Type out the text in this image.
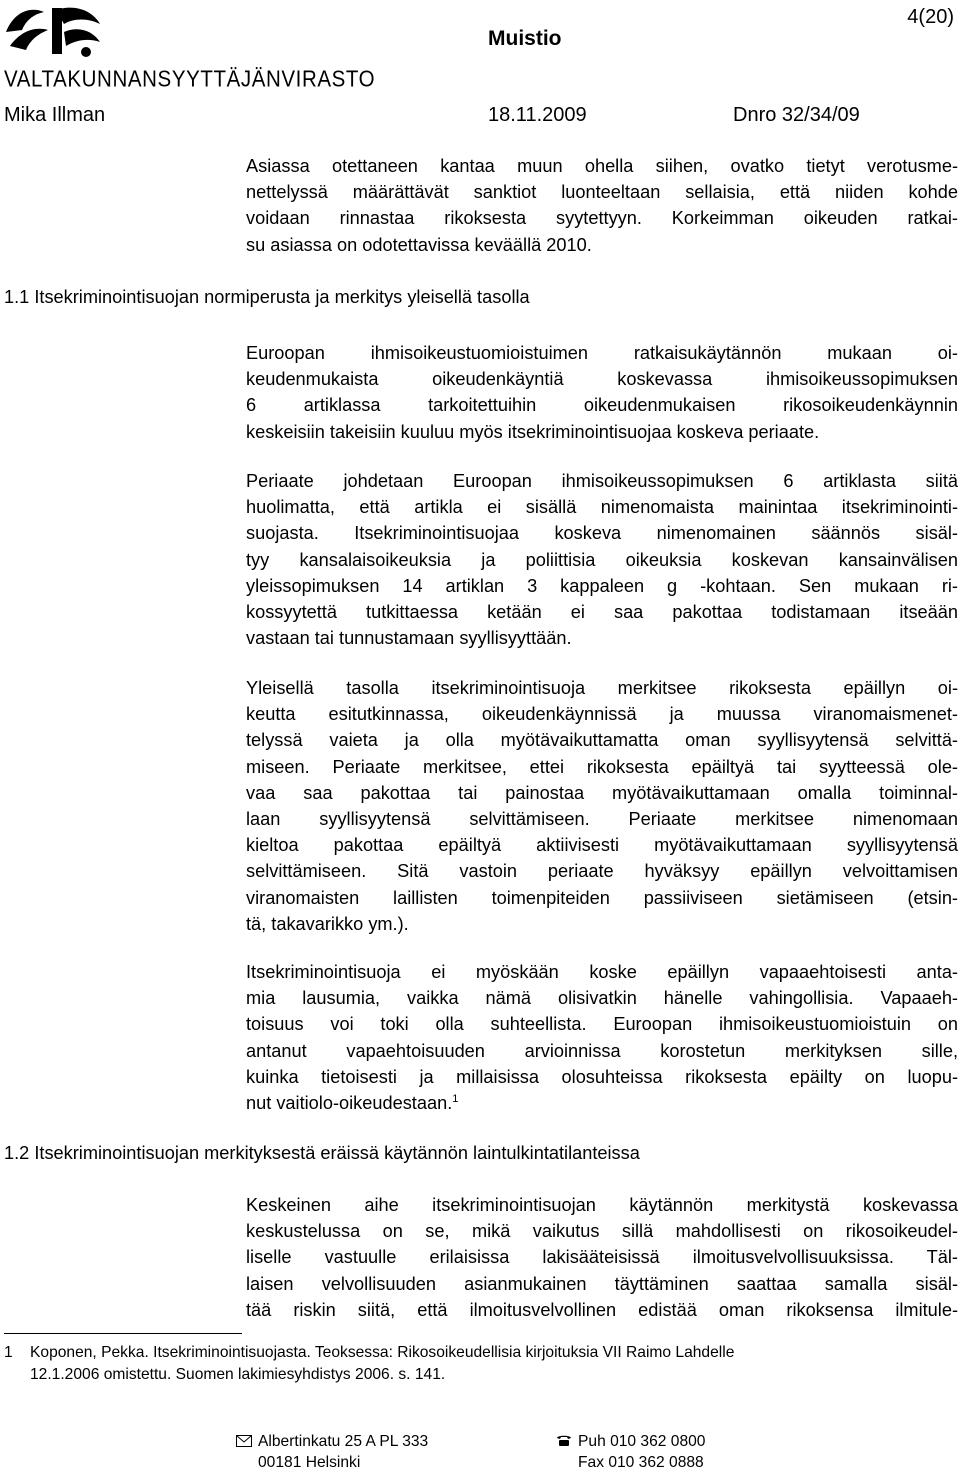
VALTAKUNNANSYYTTÄJÄNVIRASTO
Muistio
4(20)
Mika Illman	18.11.2009	Dnro 32/34/09
Asiassa otettaneen kantaa muun ohella siihen, ovatko tietyt verotusme-
nettelyssä määrättävät sanktiot luonteeltaan sellaisia, että niiden kohde
voidaan rinnastaa rikoksesta syytettyyn. Korkeimman oikeuden ratkai-
su asiassa on odotettavissa keväällä 2010.
1.1 Itsekriminointisuojan normiperusta ja merkitys yleisellä tasolla
Euroopan ihmisoikeustuomioistuimen ratkaisukäytännön mukaan oi-
keudenmukaista oikeudenkäyntiä koskevassa ihmisoikeussopimuksen
6 artiklassa tarkoitettuihin oikeudenmukaisen rikosoikeudenkäynnin
keskeisiin takeisiin kuuluu myös itsekriminointisuojaa koskeva periaate.
Periaate johdetaan Euroopan ihmisoikeussopimuksen 6 artiklasta siitä
huolimatta, että artikla ei sisällä nimenomaista mainintaa itsekriminointi-
suojasta. Itsekriminointisuojaa koskeva nimenomainen säännös sisäl-
tyy kansalaisoikeuksia ja poliittisia oikeuksia koskevan kansainvälisen
yleissopimuksen 14 artiklan 3 kappaleen g -kohtaan. Sen mukaan ri-
kossyytettä tutkittaessa ketään ei saa pakottaa todistamaan itseään
vastaan tai tunnustamaan syyllisyyttään.
Yleisellä tasolla itsekriminointisuoja merkitsee rikoksesta epäillyn oi-
keutta esitutkinnassa, oikeudenkäynnissä ja muussa viranomaismenet-
telyssä vaieta ja olla myötävaikuttamatta oman syyllisyytensä selvittä-
miseen. Periaate merkitsee, ettei rikoksesta epäiltyä tai syytteessä ole-
vaa saa pakottaa tai painostaa myötävaikuttamaan omalla toiminnal-
laan syyllisyytensä selvittämiseen. Periaate merkitsee nimenomaan
kieltoa pakottaa epäiltyä aktiivisesti myötävaikuttamaan syyllisyytensä
selvittämiseen. Sitä vastoin periaate hyväksyy epäillyn velvoittamisen
viranomaisten laillisten toimenpiteiden passiiviseen sietämiseen (etsin-
tä, takavarikko ym.).
Itsekriminointisuoja ei myöskään koske epäillyn vapaaehtoisesti anta-
mia lausumia, vaikka nämä olisivatkin hänelle vahingollisia. Vapaaeh-
toisuus voi toki olla suhteellista. Euroopan ihmisoikeustuomioistuin on
antanut vapaehtoisuuden arvioinnissa korostetun merkityksen sille,
kuinka tietoisesti ja millaisissa olosuhteissa rikoksesta epäilty on luopu-
nut vaitiolo-oikeudestaan.$^1$
1.2 Itsekriminointisuojan merkityksestä eräissä käytännön laintulkintatilanteissa
Keskeinen aihe itsekriminointisuojan käytännön merkitystä koskevassa
keskustelussa on se, mikä vaikutus sillä mahdollisesti on rikosoikeudel-
liselle vastuulle erilaisissa lakisääteisissä ilmoitusvelvollisuuksissa. Täl-
laisen velvollisuuden asianmukainen täyttäminen saattaa samalla sisäl-
tää riskin siitä, että ilmoitusvelvollinen edistää oman rikoksensa ilmitule-
1 Koponen, Pekka. Itsekriminointisuojasta. Teoksessa: Rikosoikeudellisia kirjoituksia VII Raimo Lahdelle
12.1.2006 omistettu. Suomen lakimiesyhdistys 2006. s. 141.
Albertinkatu 25 A PL 333
00181 Helsinki
Puh 010 362 0800
Fax 010 362 0888
